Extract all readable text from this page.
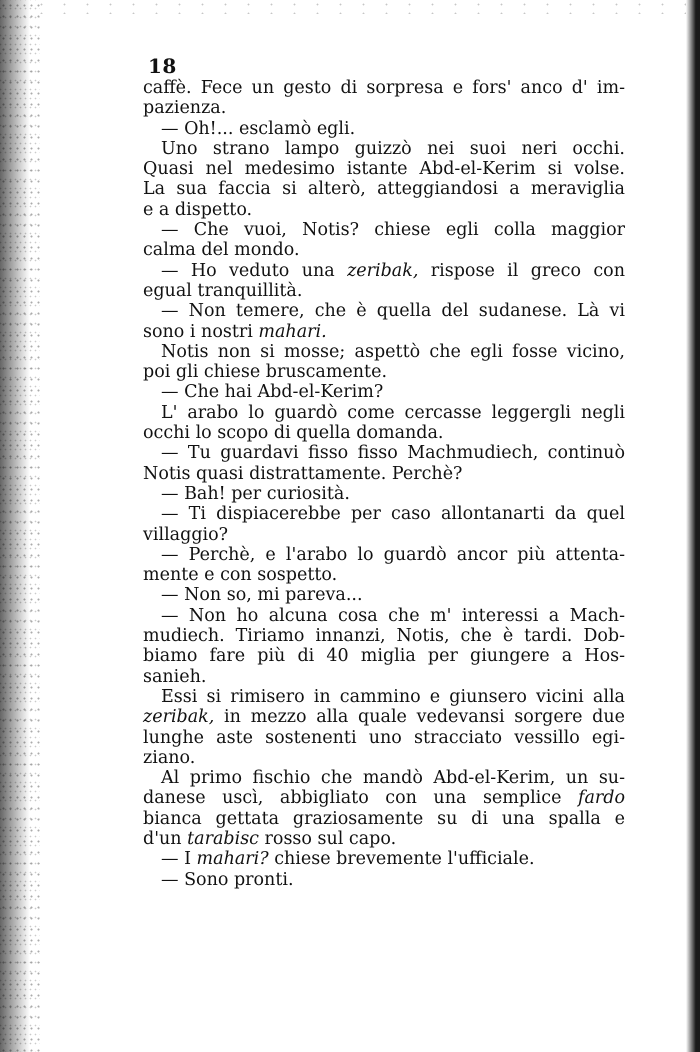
18
caffè. Fece un gesto di sorpresa e fors' anco d' im-
pazienza.
— Oh!... esclamò egli.
Uno strano lampo guizzò nei suoi neri occhi.
Quasi nel medesimo istante Abd-el-Kerim si volse.
La sua faccia si alterò, atteggiandosi a meraviglia
e a dispetto.
— Che vuoi, Notis? chiese egli colla maggior
calma del mondo.
— Ho veduto una zeribak, rispose il greco con
egual tranquillità.
— Non temere, che è quella del sudanese. Là vi
sono i nostri mahari.
Notis non si mosse; aspettò che egli fosse vicino,
poi gli chiese bruscamente.
— Che hai Abd-el-Kerim?
L' arabo lo guardò come cercasse leggergli negli
occhi lo scopo di quella domanda.
— Tu guardavi fisso fisso Machmudiech, continuò
Notis quasi distrattamente. Perchè?
— Bah! per curiosità.
— Ti dispiacerebbe per caso allontanarti da quel
villaggio?
— Perchè, e l'arabo lo guardò ancor più attenta-
mente e con sospetto.
— Non so, mi pareva...
— Non ho alcuna cosa che m' interessi a Mach-
mudiech. Tiriamo innanzi, Notis, che è tardi. Dob-
biamo fare più di 40 miglia per giungere a Hos-
sanieh.
Essi si rimisero in cammino e giunsero vicini alla
zeribak, in mezzo alla quale vedevansi sorgere due
lunghe aste sostenenti uno stracciato vessillo egi-
ziano.
Al primo fischio che mandò Abd-el-Kerim, un su-
danese uscì, abbigliato con una semplice fardo
bianca gettata graziosamente su di una spalla e
d'un tarabisc rosso sul capo.
— I mahari? chiese brevemente l'ufficiale.
— Sono pronti.
